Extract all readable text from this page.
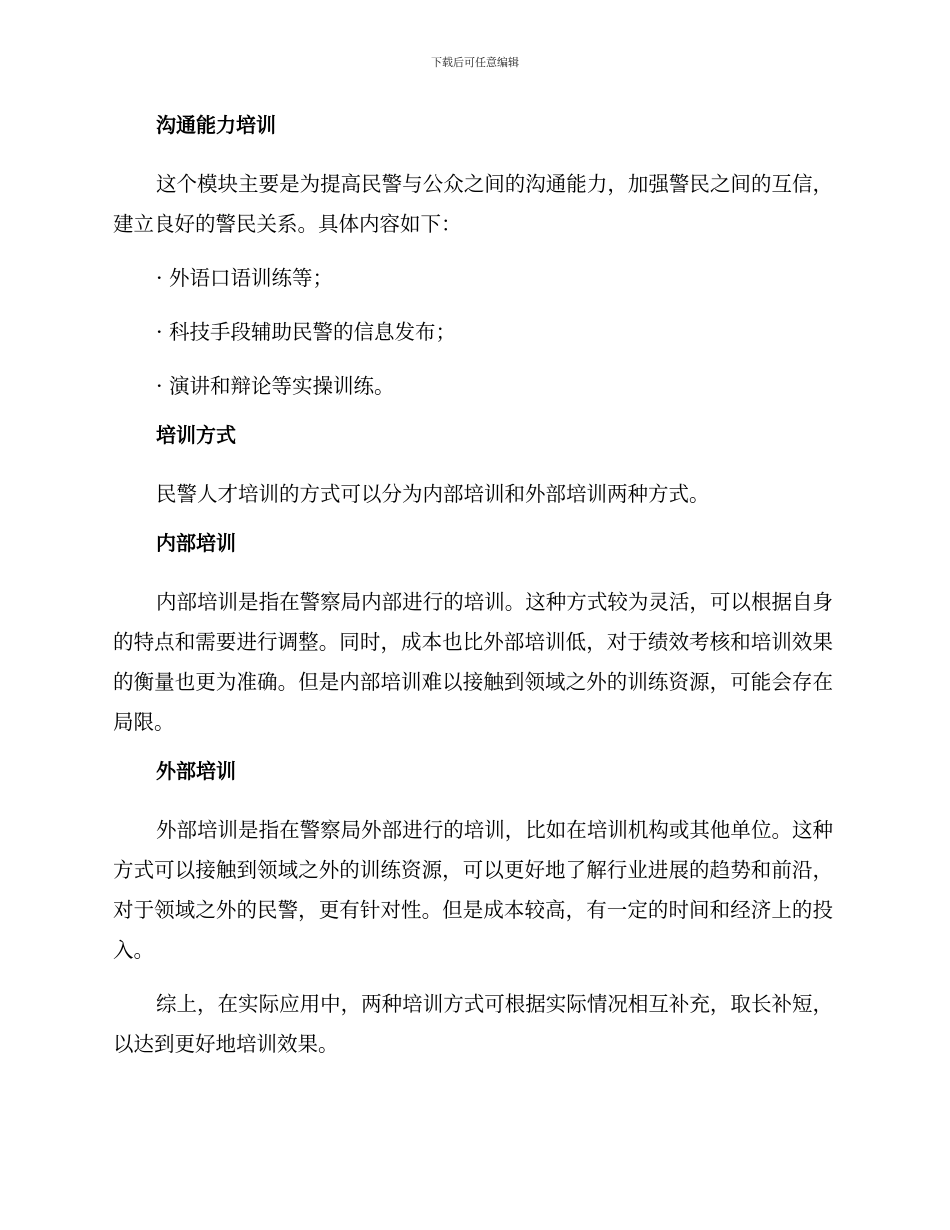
下载后可任意编辑
沟通能力培训

这个模块主要是为提高民警与公众之间的沟通能力，加强警民之间的互信，建立良好的警民关系。具体内容如下：

· 外语口语训练等；

· 科技手段辅助民警的信息发布；

· 演讲和辩论等实操训练。

培训方式

民警人才培训的方式可以分为内部培训和外部培训两种方式。

内部培训

内部培训是指在警察局内部进行的培训。这种方式较为灵活，可以根据自身的特点和需要进行调整。同时，成本也比外部培训低，对于绩效考核和培训效果的衡量也更为准确。但是内部培训难以接触到领域之外的训练资源，可能会存在局限。

外部培训

外部培训是指在警察局外部进行的培训，比如在培训机构或其他单位。这种方式可以接触到领域之外的训练资源，可以更好地了解行业进展的趋势和前沿，对于领域之外的民警，更有针对性。但是成本较高，有一定的时间和经济上的投入。

综上，在实际应用中，两种培训方式可根据实际情况相互补充，取长补短，以达到更好地培训效果。
